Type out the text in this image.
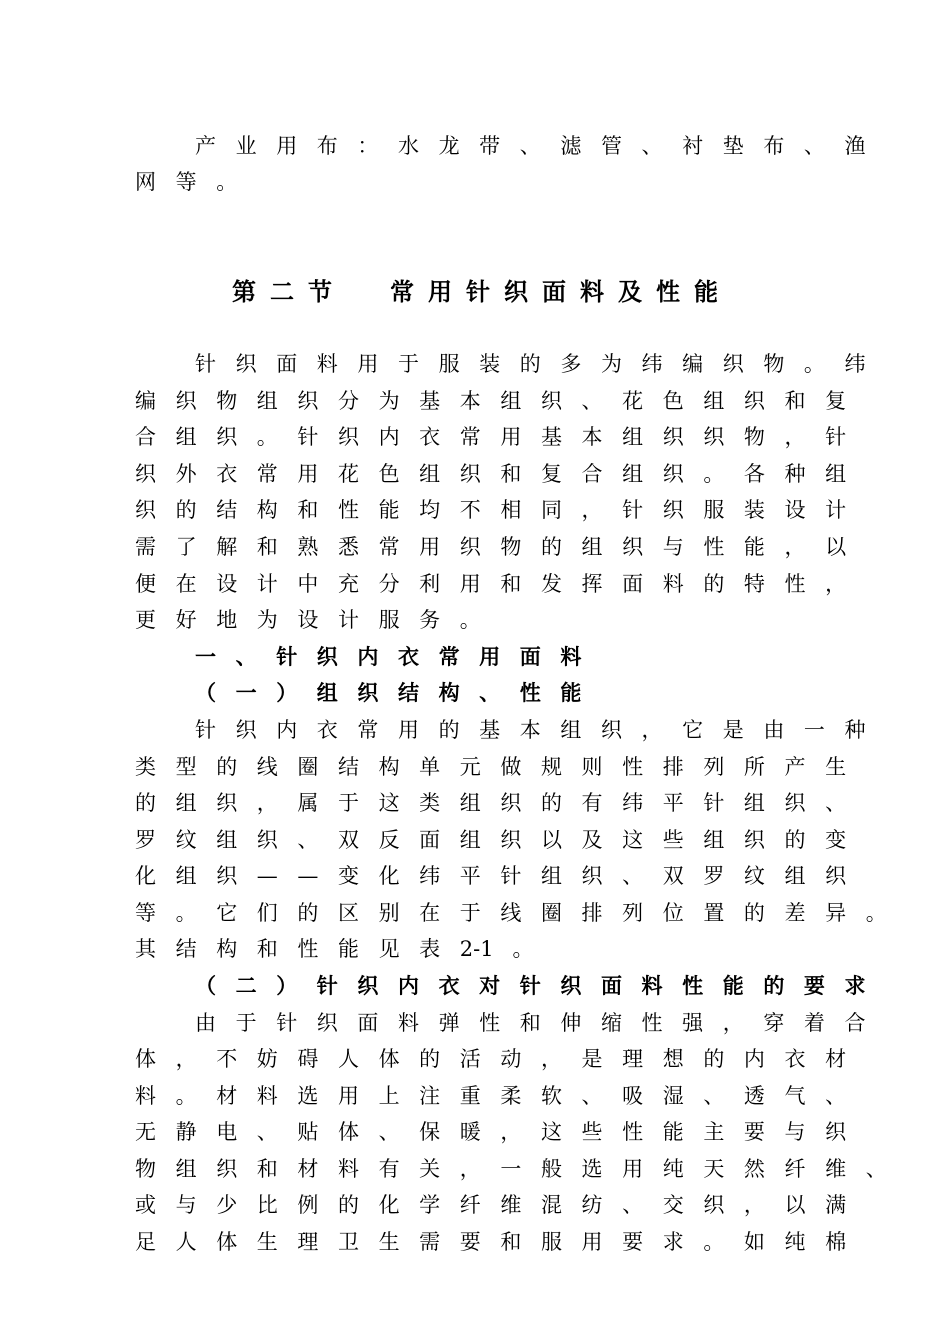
产 业 用 布 ： 水 龙 带 、 滤 管 、 衬 垫 布 、 渔
网 等 。
第 二 节　　 常 用 针 织 面 料 及 性 能
针 织 面 料 用 于 服 装 的 多 为 纬 编 织 物 。 纬
编 织 物 组 织 分 为 基 本 组 织 、 花 色 组 织 和 复
合 组 织 。 针 织 内 衣 常 用 基 本 组 织 织 物 ， 针
织 外 衣 常 用 花 色 组 织 和 复 合 组 织 。 各 种 组
织 的 结 构 和 性 能 均 不 相 同 ， 针 织 服 装 设 计
需 了 解 和 熟 悉 常 用 织 物 的 组 织 与 性 能 ， 以
便 在 设 计 中 充 分 利 用 和 发 挥 面 料 的 特 性 ，
更 好 地 为 设 计 服 务 。
一 、 针 织 内 衣 常 用 面 料
（ 一 ） 组 织 结 构 、 性 能
针 织 内 衣 常 用 的 基 本 组 织 ， 它 是 由 一 种
类 型 的 线 圈 结 构 单 元 做 规 则 性 排 列 所 产 生
的 组 织 ， 属 于 这 类 组 织 的 有 纬 平 针 组 织 、
罗 纹 组 织 、 双 反 面 组 织 以 及 这 些 组 织 的 变
化 组 织 — — 变 化 纬 平 针 组 织 、 双 罗 纹 组 织
等 。 它 们 的 区 别 在 于 线 圈 排 列 位 置 的 差 异 。
其 结 构 和 性 能 见 表 2-1 。
（ 二 ） 针 织 内 衣 对 针 织 面 料 性 能 的 要 求
由 于 针 织 面 料 弹 性 和 伸 缩 性 强 ， 穿 着 合
体 ， 不 妨 碍 人 体 的 活 动 ， 是 理 想 的 内 衣 材
料 。 材 料 选 用 上 注 重 柔 软 、 吸 湿 、 透 气 、
无 静 电 、 贴 体 、 保 暖 ， 这 些 性 能 主 要 与 织
物 组 织 和 材 料 有 关 ， 一 般 选 用 纯 天 然 纤 维 、
或 与 少 比 例 的 化 学 纤 维 混 纺 、 交 织 ， 以 满
足 人 体 生 理 卫 生 需 要 和 服 用 要 求 。 如 纯 棉
